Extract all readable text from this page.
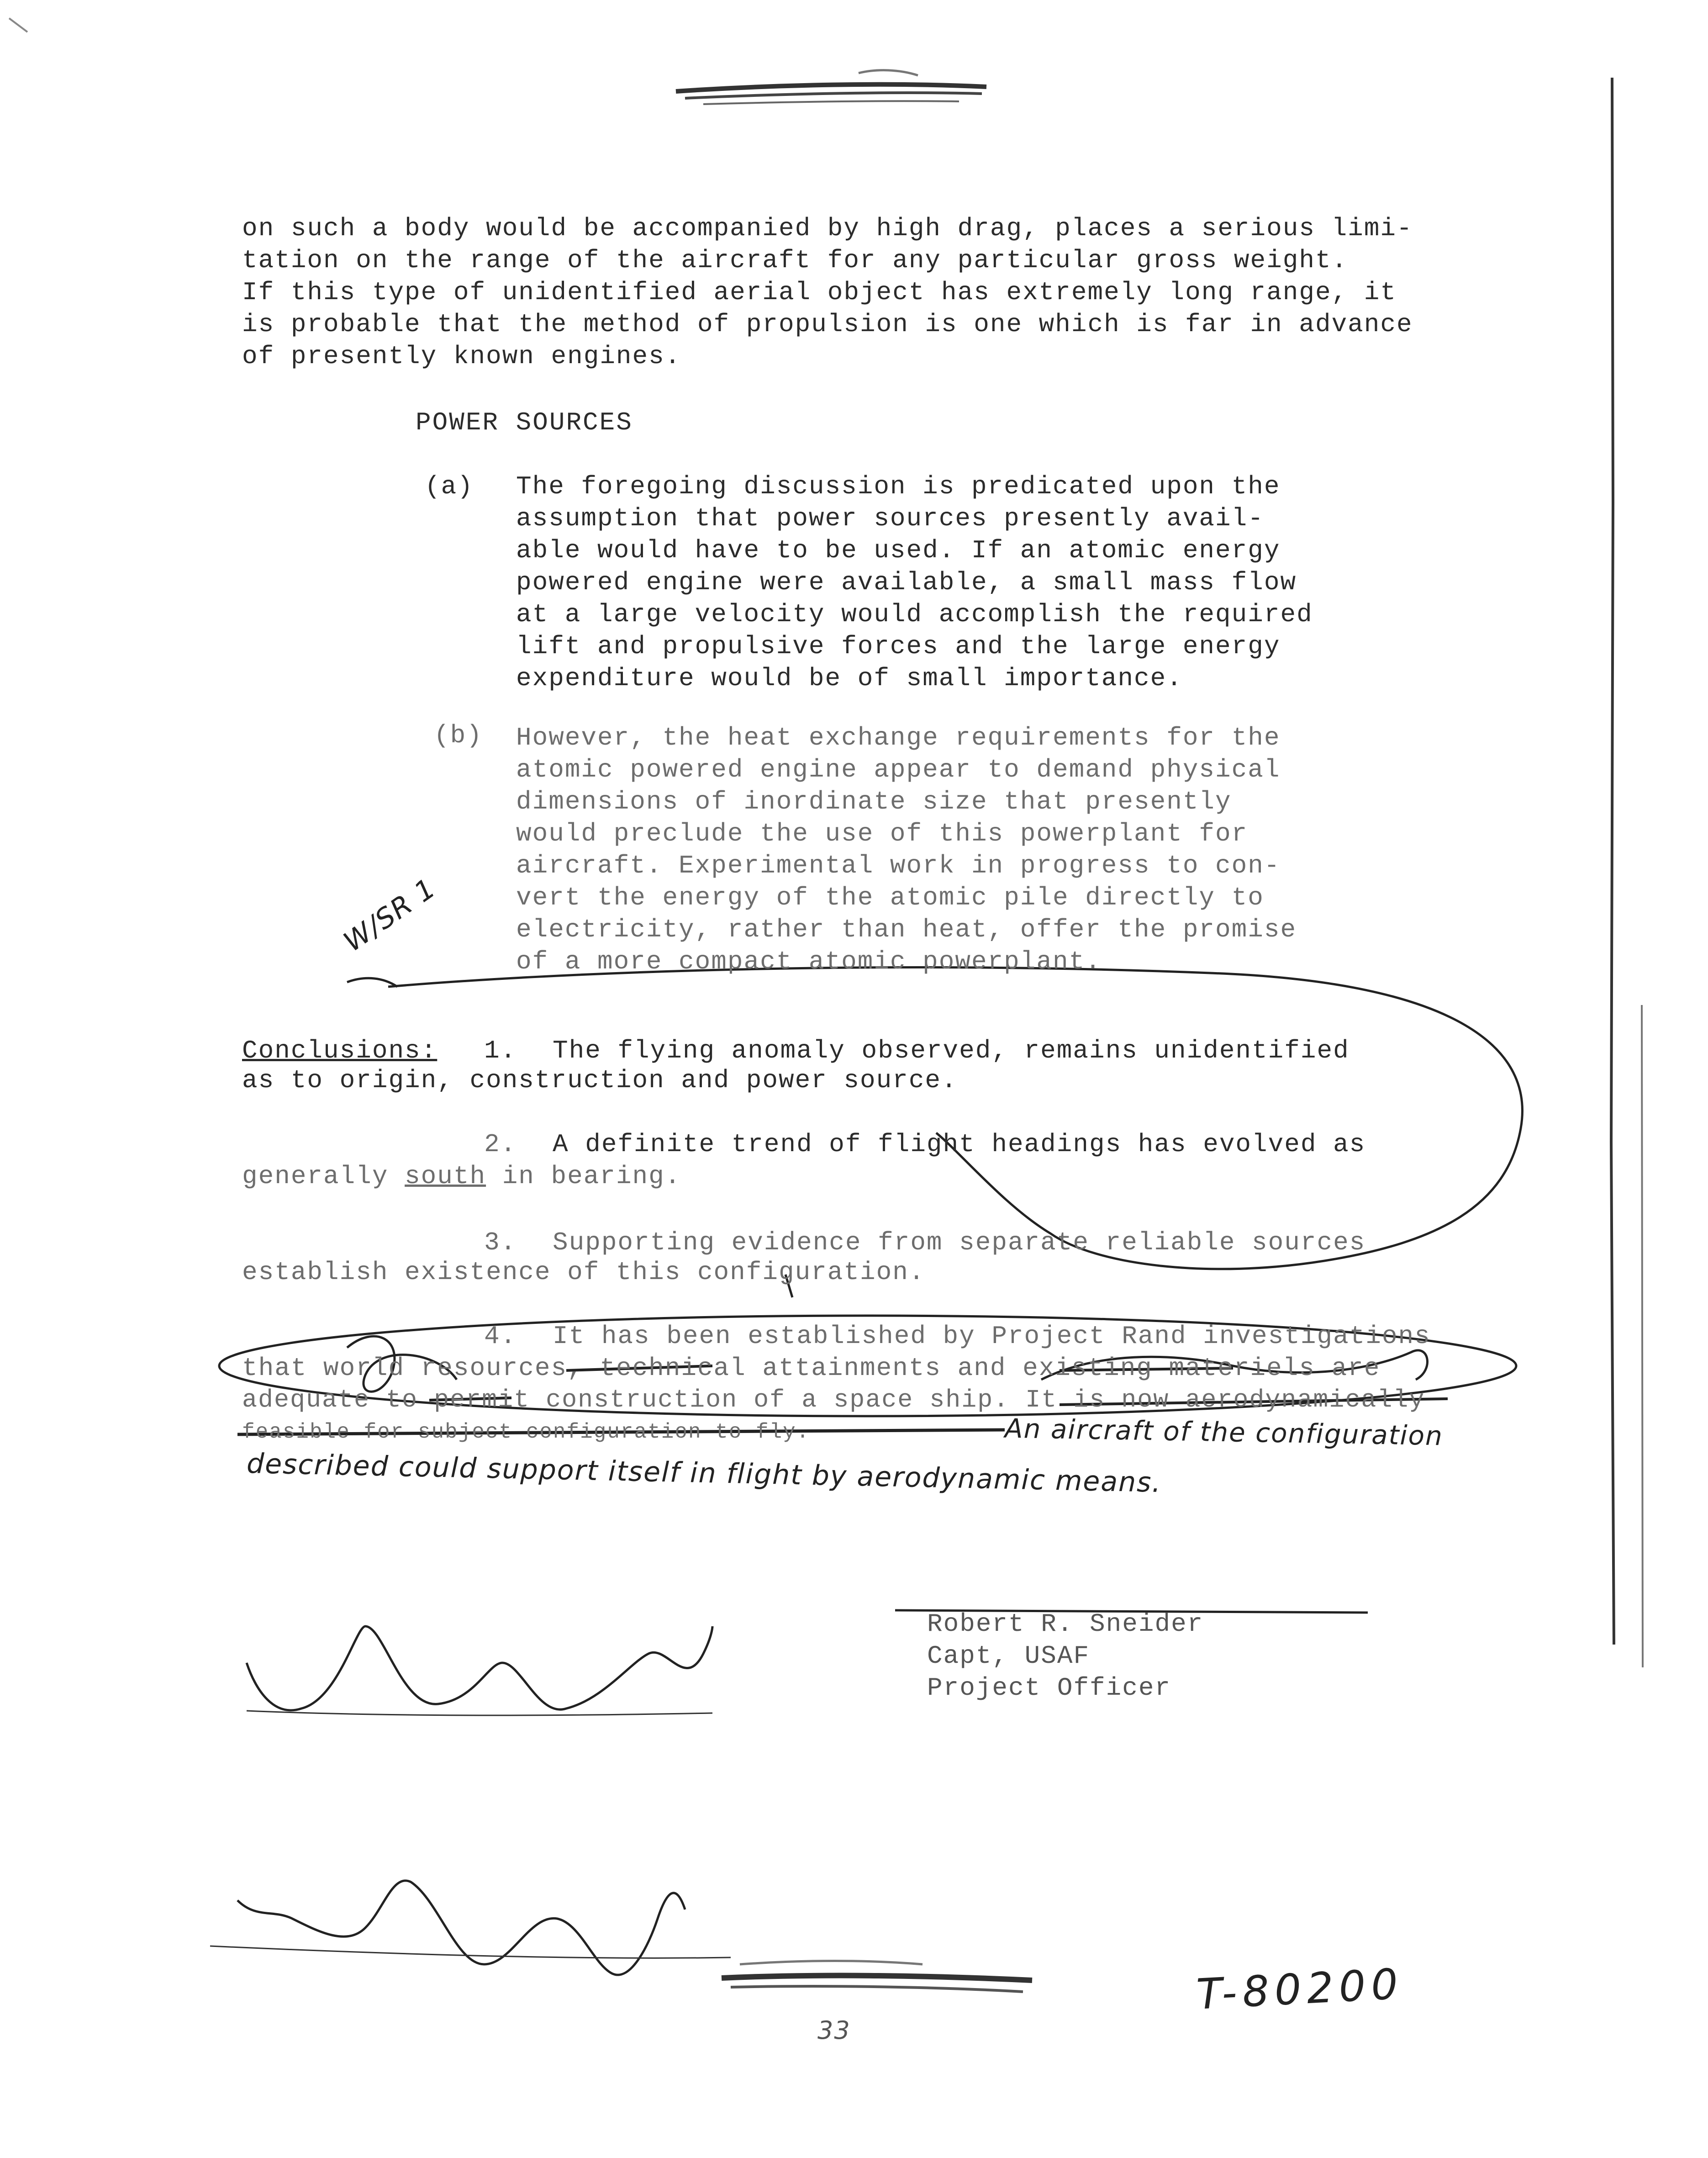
on such a body would be accompanied by high drag, places a serious limi-
tation on the range of the aircraft for any particular gross weight.
If this type of unidentified aerial object has extremely long range, it
is probable that the method of propulsion is one which is far in advance
of presently known engines.
POWER SOURCES
(a) The foregoing discussion is predicated upon the
assumption that power sources presently avail-
able would have to be used. If an atomic energy
powered engine were available, a small mass flow
at a large velocity would accomplish the required
lift and propulsive forces and the large energy
expenditure would be of small importance.
(b) However, the heat exchange requirements for the
atomic powered engine appear to demand physical
dimensions of inordinate size that presently
would preclude the use of this powerplant for
aircraft. Experimental work in progress to con-
vert the energy of the atomic pile directly to
electricity, rather than heat, offer the promise
of a more compact atomic powerplant.
W/SR 1
Conclusions: 1. The flying anomaly observed, remains unidentified
as to origin, construction and power source.
2. A definite trend of flight headings has evolved as
generally south in bearing.
3. Supporting evidence from separate reliable sources
establish existence of this configuration.
4. It has been established by Project Rand investigations
that world resources, technical attainments and existing materiels are
adequate to permit construction of a space ship. It is now aerodynamically
feasible for subject configuration to fly.	An aircraft of the configuration
described could support itself in flight by aerodynamic means.
Robert R. Sneider
Capt, USAF
Project Officer
T-80200
33
